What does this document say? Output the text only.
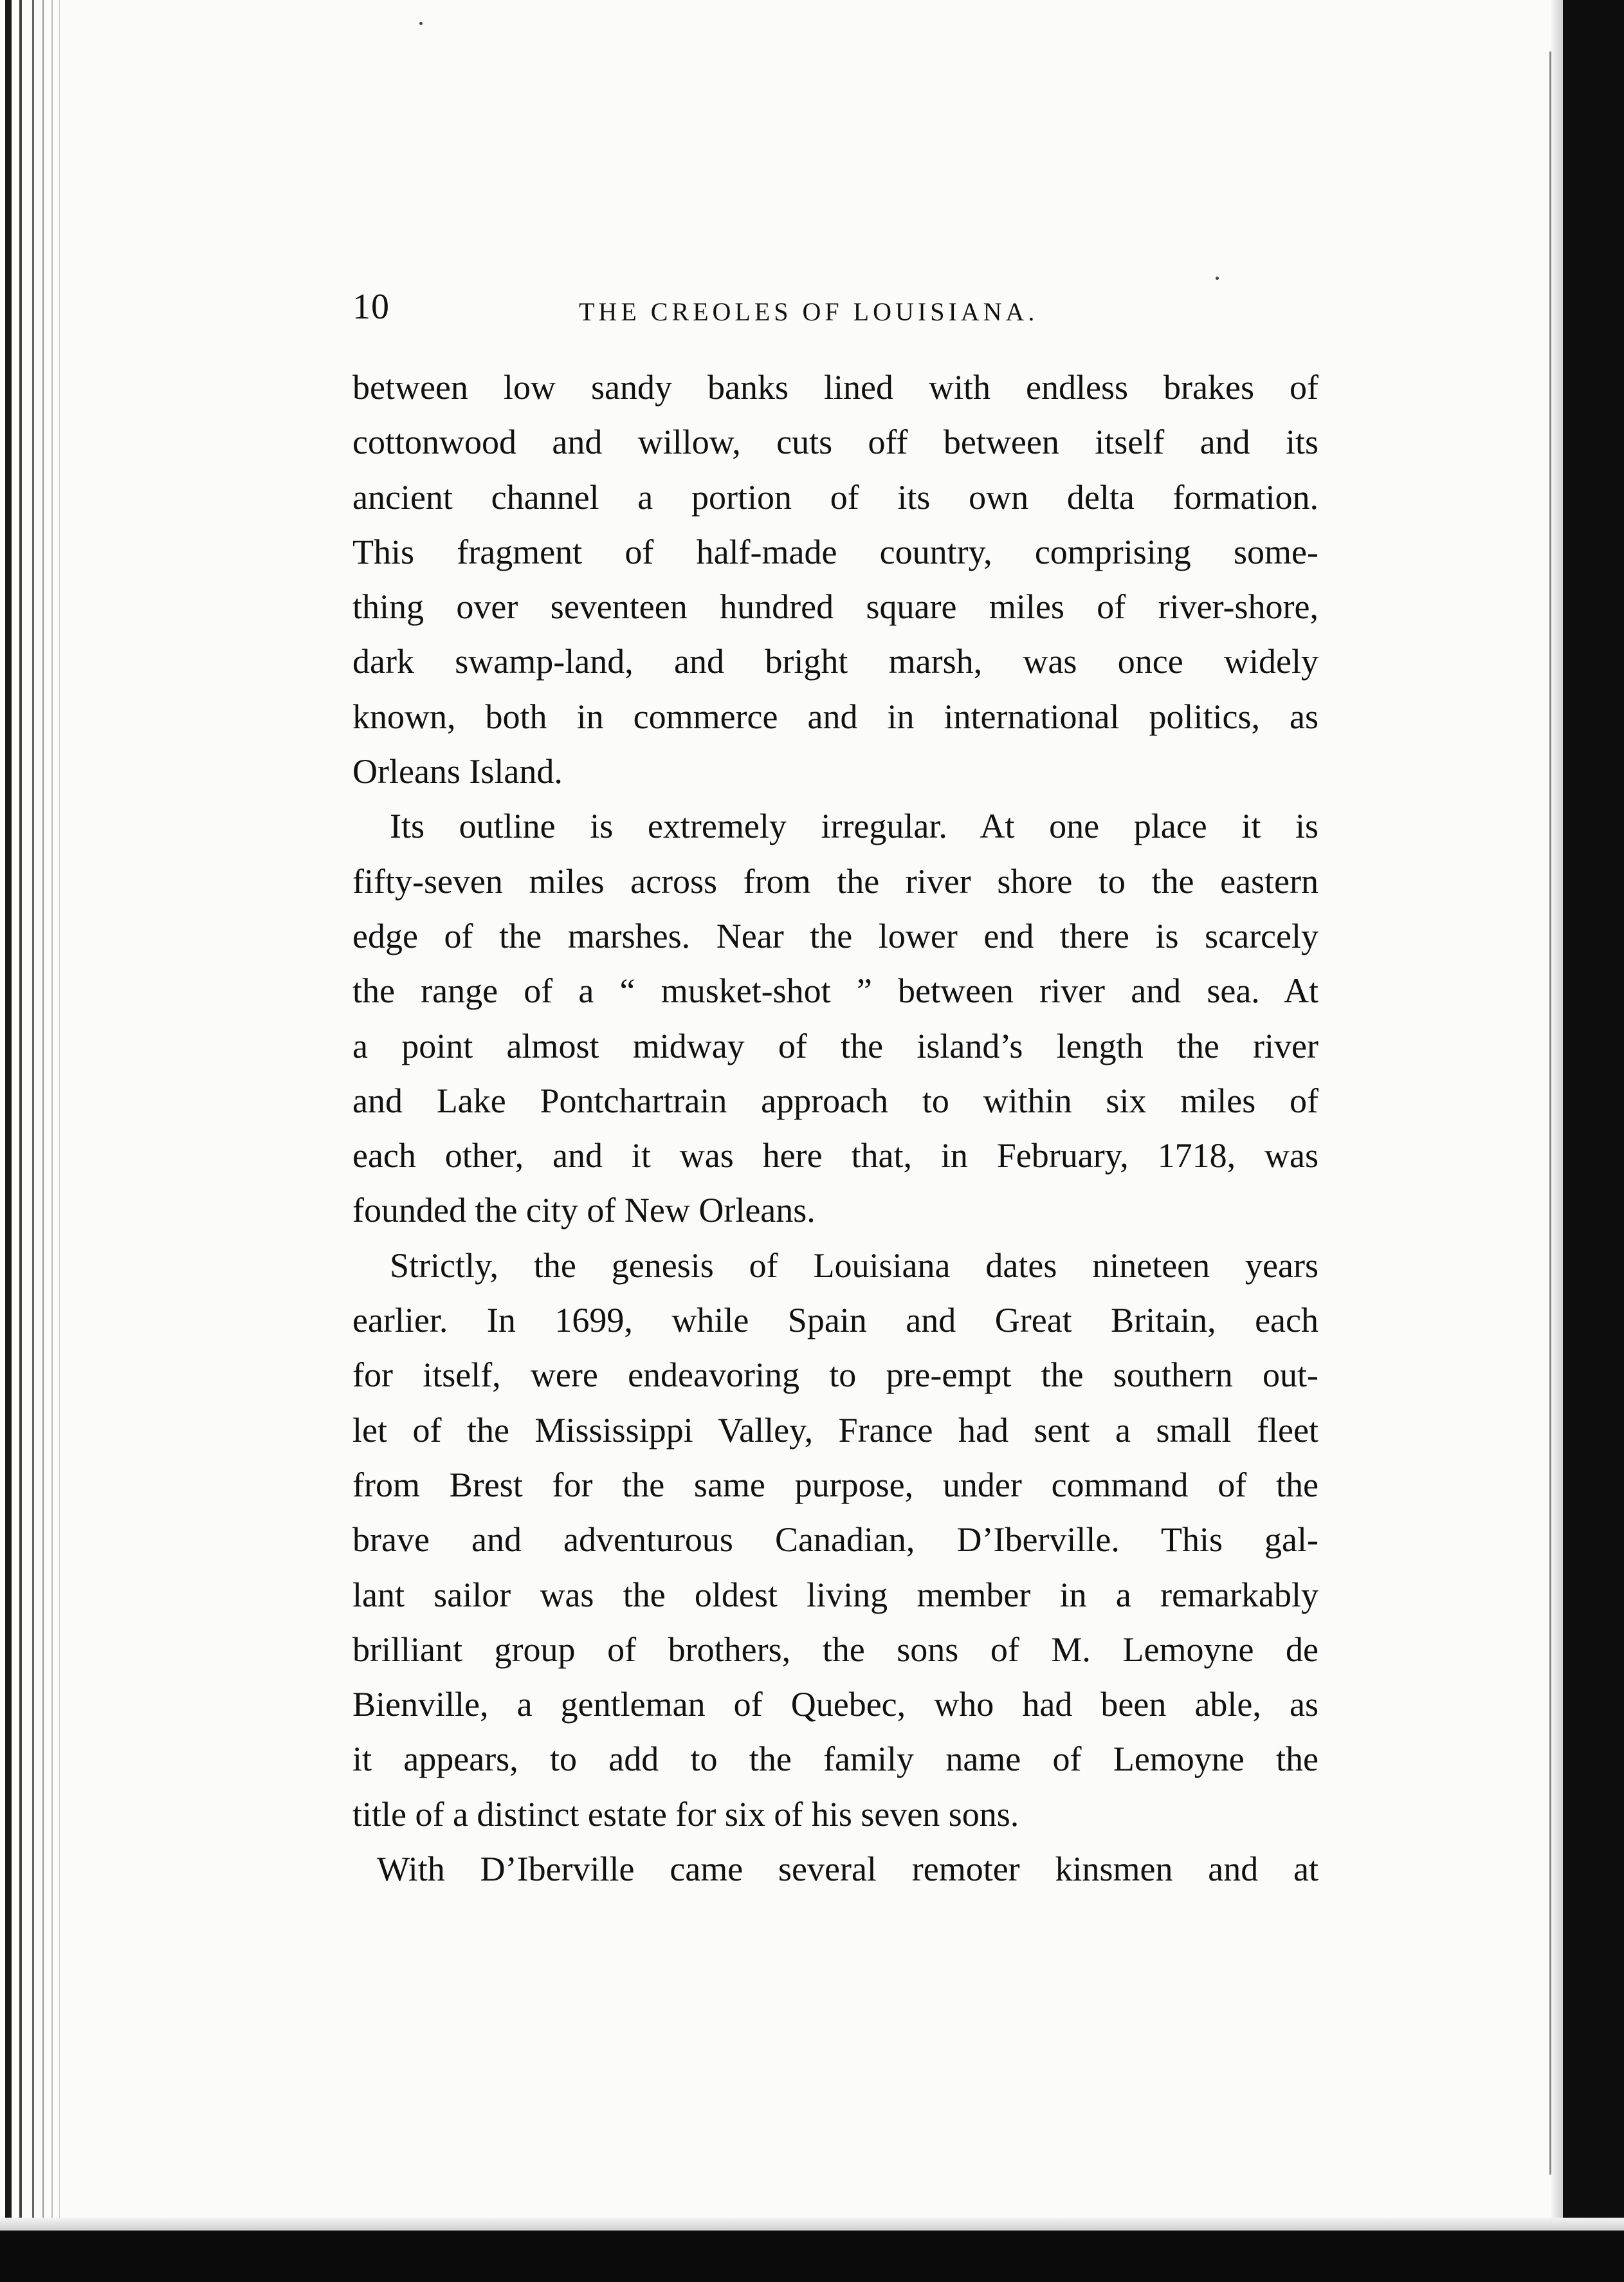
10	THE CREOLES OF LOUISIANA.
between low sandy banks lined with endless brakes of
cottonwood and willow, cuts off between itself and its
ancient channel a portion of its own delta formation.
This fragment of half-made country, comprising some-
thing over seventeen hundred square miles of river-shore,
dark swamp-land, and bright marsh, was once widely
known, both in commerce and in international politics, as
Orleans Island.
Its outline is extremely irregular. At one place it is
fifty-seven miles across from the river shore to the eastern
edge of the marshes. Near the lower end there is scarcely
the range of a “ musket-shot ” between river and sea. At
a point almost midway of the island’s length the river
and Lake Pontchartrain approach to within six miles of
each other, and it was here that, in February, 1718, was
founded the city of New Orleans.
Strictly, the genesis of Louisiana dates nineteen years
earlier. In 1699, while Spain and Great Britain, each
for itself, were endeavoring to pre-empt the southern out-
let of the Mississippi Valley, France had sent a small fleet
from Brest for the same purpose, under command of the
brave and adventurous Canadian, D’Iberville. This gal-
lant sailor was the oldest living member in a remarkably
brilliant group of brothers, the sons of M. Lemoyne de
Bienville, a gentleman of Quebec, who had been able, as
it appears, to add to the family name of Lemoyne the
title of a distinct estate for six of his seven sons.
With D’Iberville came several remoter kinsmen and at
